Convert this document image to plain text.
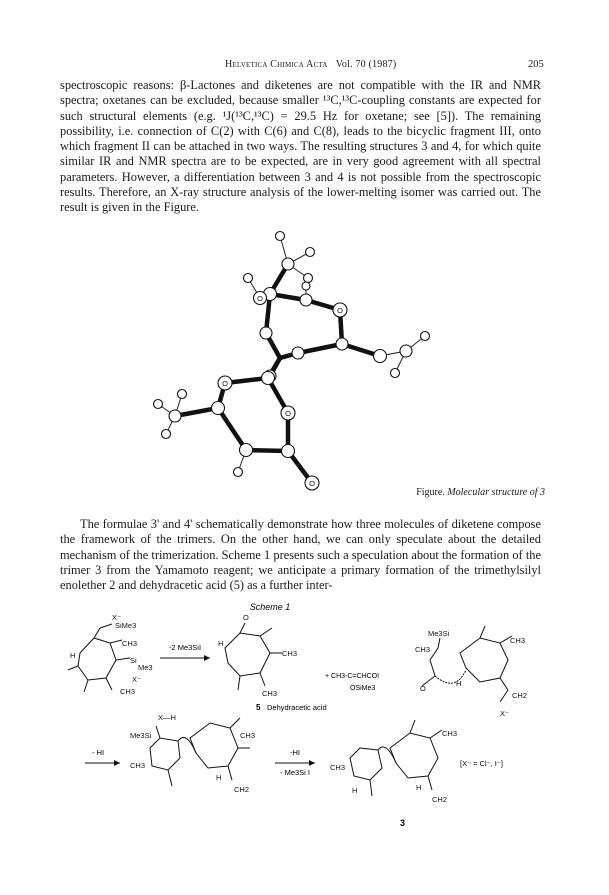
Helvetica Chimica Acta Vol. 70 (1987)	205

spectroscopic reasons: β-Lactones and diketenes are not compatible with the IR and NMR spectra; oxetanes can be excluded, because smaller ¹³C,¹³C-coupling constants are expected for such structural elements (e.g. ¹J(¹³C,¹³C) = 29.5 Hz for oxetane; see [5]). The remaining possibility, i.e. connection of C(2) with C(6) and C(8), leads to the bicyclic fragment III, onto which fragment II can be attached in two ways. The resulting structures 3 and 4, for which quite similar IR and NMR spectra are to be expected, are in very good agreement with all spectral parameters. However, a differentiation between 3 and 4 is not possible from the spectroscopic results. Therefore, an X-ray structure analysis of the lower-melting isomer was carried out. The result is given in the Figure.

O
O
O
O
O
Figure. Molecular structure of 3

The formulae 3' and 4' schematically demonstrate how three molecules of diketene compose the framework of the trimers. On the other hand, we can only speculate about the detailed mechanism of the trimerization. Scheme 1 presents such a speculation about the formation of the trimer 3 from the Yamamoto reagent; we anticipate a primary formation of the trimethylsilyl enolether 2 and dehydracetic acid (5) as a further inter-

Scheme 1
X⁻
SiMe3
CH3
CH3
Si
Me3
X⁻
H
-2 Me3SiI H
O
CH3
CH3
5 Dehydracetic acid
+ CH3-C=CHCOI
OSiMe3
Me3Si
CH3
O
CH2
X⁻
H
CH3
- HI
X—H
Me3Si
CH3
CH3
H
CH2
-HI
- Me3Si I
CH3
H
CH3
H
CH2
3
[X⁻ = Cl⁻, I⁻]
